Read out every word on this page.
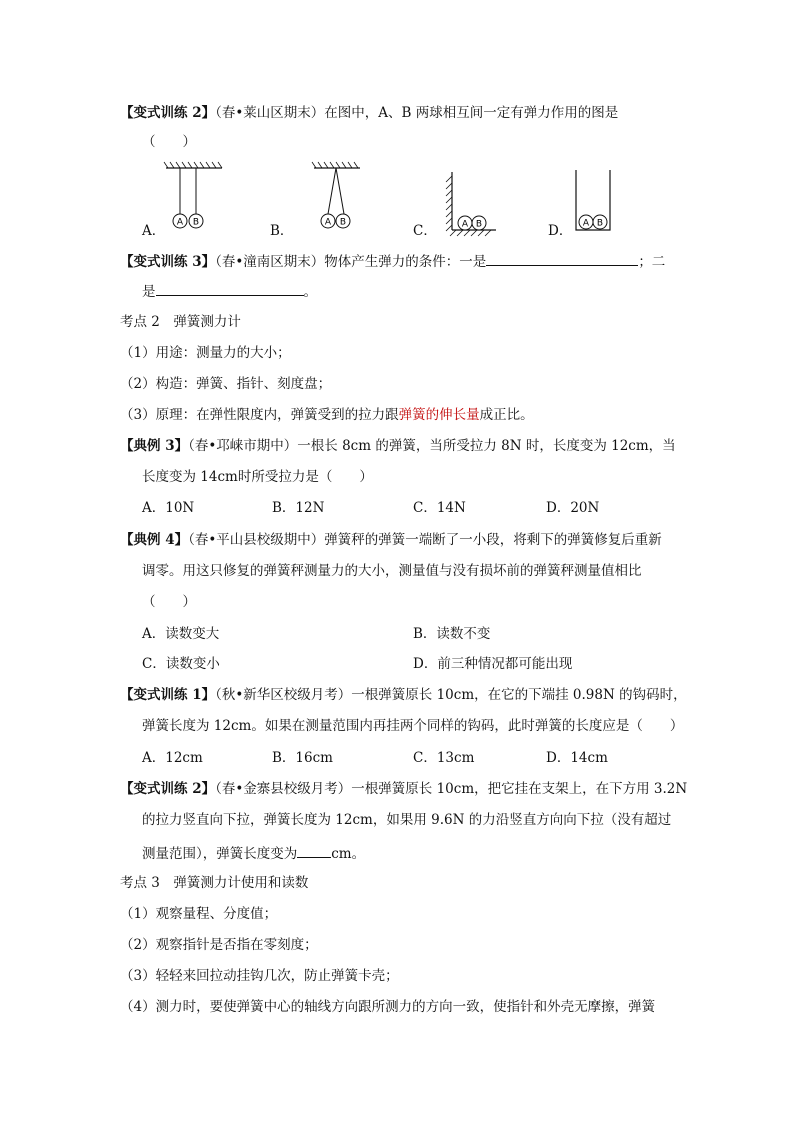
【变式训练 2】（春•莱山区期末）在图中，A、B 两球相互间一定有弹力作用的图是
（　　）
A．	B．	C．	D．
A B	A B	A B	A B
【变式训练 3】（春•潼南区期末）物体产生弹力的条件：一是	；二
是	。
考点 2　弹簧测力计
（1）用途：测量力的大小；
（2）构造：弹簧、指针、刻度盘；
（3）原理：在弹性限度内，弹簧受到的拉力跟弹簧的伸长量成正比。
【典例 3】（春•邛崃市期中）一根长 8cm 的弹簧，当所受拉力 8N 时，长度变为 12cm，当
长度变为 14cm时所受拉力是（　　）
A．10N	B．12N	C．14N	D．20N
【典例 4】（春•平山县校级期中）弹簧秤的弹簧一端断了一小段，将剩下的弹簧修复后重新
调零。用这只修复的弹簧秤测量力的大小，测量值与没有损坏前的弹簧秤测量值相比
（　　）
A．读数变大	B．读数不变
C．读数变小	D．前三种情况都可能出现
【变式训练 1】（秋•新华区校级月考）一根弹簧原长 10cm，在它的下端挂 0.98N 的钩码时，
弹簧长度为 12cm。如果在测量范围内再挂两个同样的钩码，此时弹簧的长度应是（　　）
A．12cm	B．16cm	C．13cm	D．14cm
【变式训练 2】（春•金寨县校级月考）一根弹簧原长 10cm，把它挂在支架上，在下方用 3.2N
的拉力竖直向下拉，弹簧长度为 12cm，如果用 9.6N 的力沿竖直方向向下拉（没有超过
测量范围），弹簧长度变为	cm。
考点 3　弹簧测力计使用和读数
（1）观察量程、分度值；
（2）观察指针是否指在零刻度；
（3）轻轻来回拉动挂钩几次，防止弹簧卡壳；
（4）测力时，要使弹簧中心的轴线方向跟所测力的方向一致，使指针和外壳无摩擦，弹簧
